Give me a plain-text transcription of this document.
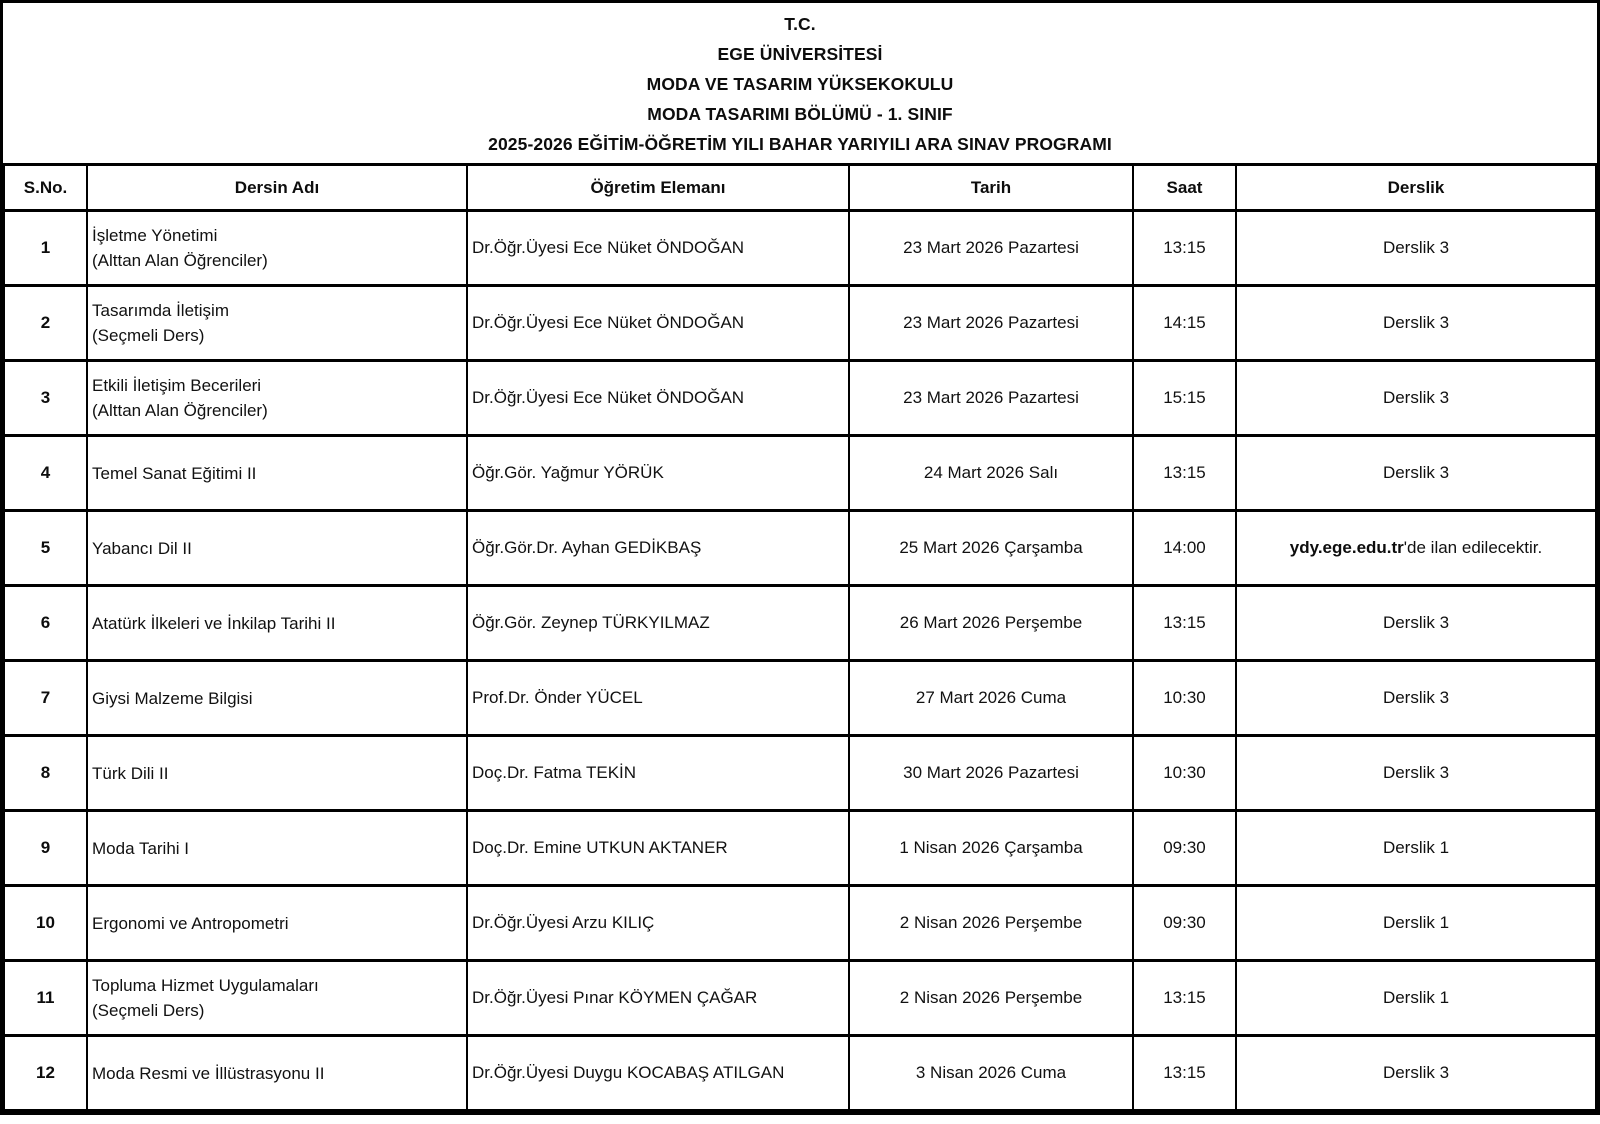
T.C.
EGE ÜNİVERSİTESİ
MODA VE TASARIM YÜKSEKOKULU
MODA TASARIMI BÖLÜMÜ - 1. SINIF
2025-2026 EĞİTİM-ÖĞRETİM YILI BAHAR YARIYILI ARA SINAV PROGRAMI
S.No.	Dersin Adı	Öğretim Elemanı	Tarih	Saat	Derslik
1	İşletme Yönetimi
(Alttan Alan Öğrenciler)	Dr.Öğr.Üyesi Ece Nüket ÖNDOĞAN	23 Mart 2026 Pazartesi	13:15	Derslik 3
2	Tasarımda İletişim
(Seçmeli Ders)	Dr.Öğr.Üyesi Ece Nüket ÖNDOĞAN	23 Mart 2026 Pazartesi	14:15	Derslik 3
3	Etkili İletişim Becerileri
(Alttan Alan Öğrenciler)	Dr.Öğr.Üyesi Ece Nüket ÖNDOĞAN	23 Mart 2026 Pazartesi	15:15	Derslik 3
4	Temel Sanat Eğitimi II	Öğr.Gör. Yağmur YÖRÜK	24 Mart 2026 Salı	13:15	Derslik 3
5	Yabancı Dil II	Öğr.Gör.Dr. Ayhan GEDİKBAŞ	25 Mart 2026 Çarşamba	14:00	ydy.ege.edu.tr'de ilan edilecektir.
6	Atatürk İlkeleri ve İnkilap Tarihi II	Öğr.Gör. Zeynep TÜRKYILMAZ	26 Mart 2026 Perşembe	13:15	Derslik 3
7	Giysi Malzeme Bilgisi	Prof.Dr. Önder YÜCEL	27 Mart 2026 Cuma	10:30	Derslik 3
8	Türk Dili II	Doç.Dr. Fatma TEKİN	30 Mart 2026 Pazartesi	10:30	Derslik 3
9	Moda Tarihi I	Doç.Dr. Emine UTKUN AKTANER	1 Nisan 2026 Çarşamba	09:30	Derslik 1
10	Ergonomi ve Antropometri	Dr.Öğr.Üyesi Arzu KILIÇ	2 Nisan 2026 Perşembe	09:30	Derslik 1
11	Topluma Hizmet Uygulamaları
(Seçmeli Ders)	Dr.Öğr.Üyesi Pınar KÖYMEN ÇAĞAR	2 Nisan 2026 Perşembe	13:15	Derslik 1
12	Moda Resmi ve İllüstrasyonu II	Dr.Öğr.Üyesi Duygu KOCABAŞ ATILGAN	3 Nisan 2026 Cuma	13:15	Derslik 3
